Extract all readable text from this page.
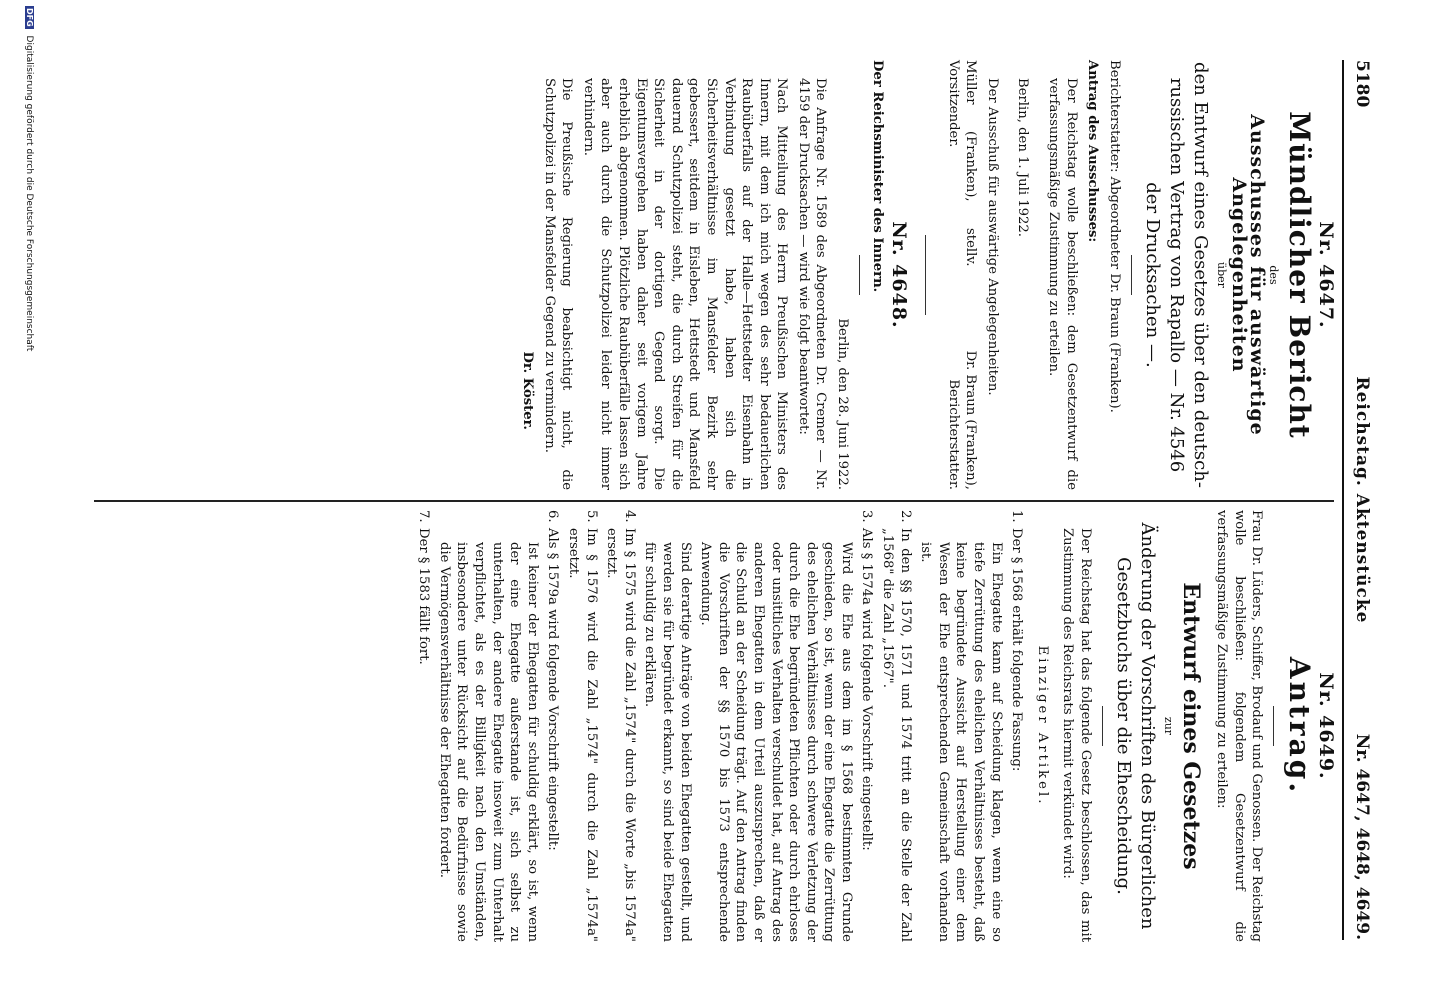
5180
Reichstag. Aktenstücke
Nr. 4647, 4648, 4649.
Nr. 4647.
Mündlicher Bericht
des
Ausschusses für auswärtige Angelegenheiten
über
den Entwurf eines Gesetzes über den deutsch-russischen Vertrag von Rapallo — Nr. 4546 der Drucksachen —.

Berichterstatter: Abgeordneter Dr. Braun (Franken).

Antrag des Ausschusses:

Der Reichstag wolle beschließen: dem Gesetzentwurf die verfassungsmäßige Zustimmung zu erteilen.

Berlin, den 1. Juli 1922.

Der Ausschuß für auswärtige Angelegenheiten.

Müller (Franken), stellv. Vorsitzender.
Dr. Braun (Franken), Berichterstatter.
Nr. 4648.

Der Reichsminister des Innern.

Berlin, den 28. Juni 1922.

Die Anfrage Nr. 1589 des Abgeordneten Dr. Cremer — Nr. 4159 der Drucksachen — wird wie folgt beantwortet:

Nach Mitteilung des Herrn Preußischen Ministers des Innern, mit dem ich mich wegen des sehr bedauerlichen Raubüberfalls auf der Halle—Hettstedter Eisenbahn in Verbindung gesetzt habe, haben sich die Sicherheitsverhältnisse im Mansfelder Bezirk sehr gebessert, seitdem in Eisleben, Hettstedt und Mansfeld dauernd Schutzpolizei steht, die durch Streifen für die Sicherheit in der dortigen Gegend sorgt. Die Eigentumsvergehen haben daher seit vorigem Jahre erheblich abgenommen. Plötzliche Raubüberfälle lassen sich aber auch durch die Schutzpolizei leider nicht immer verhindern.

Die Preußische Regierung beabsichtigt nicht, die Schutzpolizei in der Mansfelder Gegend zu vermindern.

Dr. Köster.

Nr. 4649.
Antrag.

Frau Dr. Lüders, Schiffer, Brodauf und Genossen. Der Reichstag wolle beschließen: folgendem Gesetzentwurf die verfassungsmäßige Zustimmung zu erteilen:

Entwurf eines Gesetzes
zur
Änderung der Vorschriften des Bürgerlichen Gesetzbuchs über die Ehescheidung.

Der Reichstag hat das folgende Gesetz beschlossen, das mit Zustimmung des Reichsrats hiermit verkündet wird:

Einziger Artikel.

1.
Der § 1568 erhält folgende Fassung:
Ein Ehegatte kann auf Scheidung klagen, wenn eine so tiefe Zerrüttung des ehelichen Verhältnisses besteht, daß keine begründete Aussicht auf Herstellung einer dem Wesen der Ehe entsprechenden Gemeinschaft vorhanden ist.
2.
In den §§ 1570, 1571 und 1574 tritt an die Stelle der Zahl „1568" die Zahl „1567".
3.
Als § 1574a wird folgende Vorschrift eingestellt:
Wird die Ehe aus dem im § 1568 bestimmten Grunde geschieden, so ist, wenn der eine Ehegatte die Zerrüttung des ehelichen Verhältnisses durch schwere Verletzung der durch die Ehe begründeten Pflichten oder durch ehrloses oder unsittliches Verhalten verschuldet hat, auf Antrag des anderen Ehegatten in dem Urteil auszusprechen, daß er die Schuld an der Scheidung trägt. Auf den Antrag finden die Vorschriften der §§ 1570 bis 1573 entsprechende Anwendung.
Sind derartige Anträge von beiden Ehegatten gestellt, und werden sie für begründet erkannt, so sind beide Ehegatten für schuldig zu erklären.
4.
Im § 1575 wird die Zahl „1574" durch die Worte „bis 1574a" ersetzt.
5.
Im § 1576 wird die Zahl „1574" durch die Zahl „1574a" ersetzt.
6.
Als § 1579a wird folgende Vorschrift eingestellt:
Ist keiner der Ehegatten für schuldig erklärt, so ist, wenn der eine Ehegatte außerstande ist, sich selbst zu unterhalten, der andere Ehegatte insoweit zum Unterhalt verpflichtet, als es der Billigkeit nach den Umständen, insbesondere unter Rücksicht auf die Bedürfnisse sowie die Vermögensverhältnisse der Ehegatten fordert.
7.
Der § 1583 fällt fort.
DFG Digitalisierung gefördert durch die Deutsche Forschungsgemeinschaft
